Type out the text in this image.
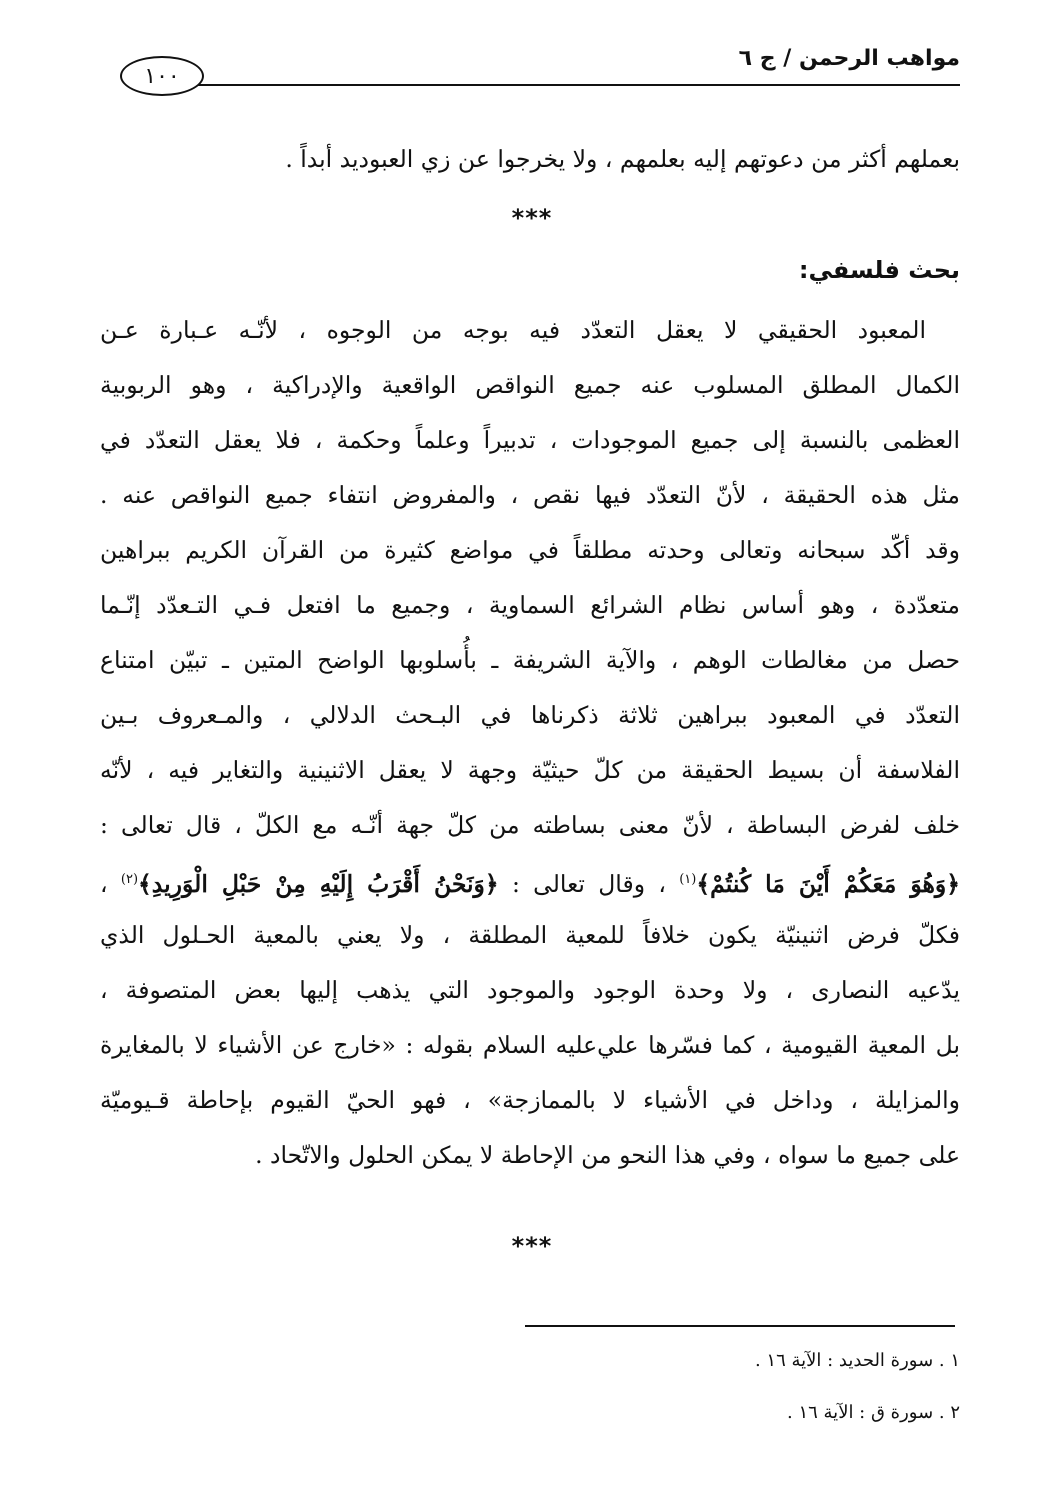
مواهب الرحمن / ج ٦
١٠٠
بعملهم أكثر من دعوتهم إليه بعلمهم ، ولا يخرجوا عن زي العبوديد أبداً .
***
بحث فلسفي:
المعبود الحقيقي لا يعقل التعدّد فيه بوجه من الوجوه ، لأنّـه عـبارة عـن
الكمال المطلق المسلوب عنه جميع النواقص الواقعية والإدراكية ، وهو الربوبية
العظمى بالنسبة إلى جميع الموجودات ، تدبيراً وعلماً وحكمة ، فلا يعقل التعدّد في
مثل هذه الحقيقة ، لأنّ التعدّد فيها نقص ، والمفروض انتفاء جميع النواقص عنه .
وقد أكّد سبحانه وتعالى وحدته مطلقاً في مواضع كثيرة من القرآن الكريم ببراهين
متعدّدة ، وهو أساس نظام الشرائع السماوية ، وجميع ما افتعل فـي التـعدّد إنّـما
حصل من مغالطات الوهم ، والآية الشريفة ـ بأُسلوبها الواضح المتين ـ تبيّن امتناع
التعدّد في المعبود ببراهين ثلاثة ذكرناها في البـحث الدلالي ، والمـعروف بـين
الفلاسفة أن بسيط الحقيقة من كلّ حيثيّة وجهة لا يعقل الاثنينية والتغاير فيه ، لأنّه
خلف لفرض البساطة ، لأنّ معنى بساطته من كلّ جهة أنّـه مع الكلّ ، قال تعالى :
﴿وَهُوَ مَعَكُمْ أَيْنَ مَا كُنتُمْ﴾$^{(١)}$ ، وقال تعالى : ﴿وَنَحْنُ أَقْرَبُ إِلَيْهِ مِنْ حَبْلِ الْوَرِيدِ﴾$^{(٢)}$ ،
فكلّ فرض اثنينيّة يكون خلافاً للمعية المطلقة ، ولا يعني بالمعية الحـلول الذي
يدّعيه النصارى ، ولا وحدة الوجود والموجود التي يذهب إليها بعض المتصوفة ،
بل المعية القيومية ، كما فسّرها علي‌عليه السلام بقوله : «خارج عن الأشياء لا بالمغايرة
والمزايلة ، وداخل في الأشياء لا بالممازجة» ، فهو الحيّ القيوم بإحاطة قـيوميّة
على جميع ما سواه ، وفي هذا النحو من الإحاطة لا يمكن الحلول والاتّحاد .
***
١ . سورة الحديد : الآية ١٦ .
٢ . سورة ق : الآية ١٦ .
